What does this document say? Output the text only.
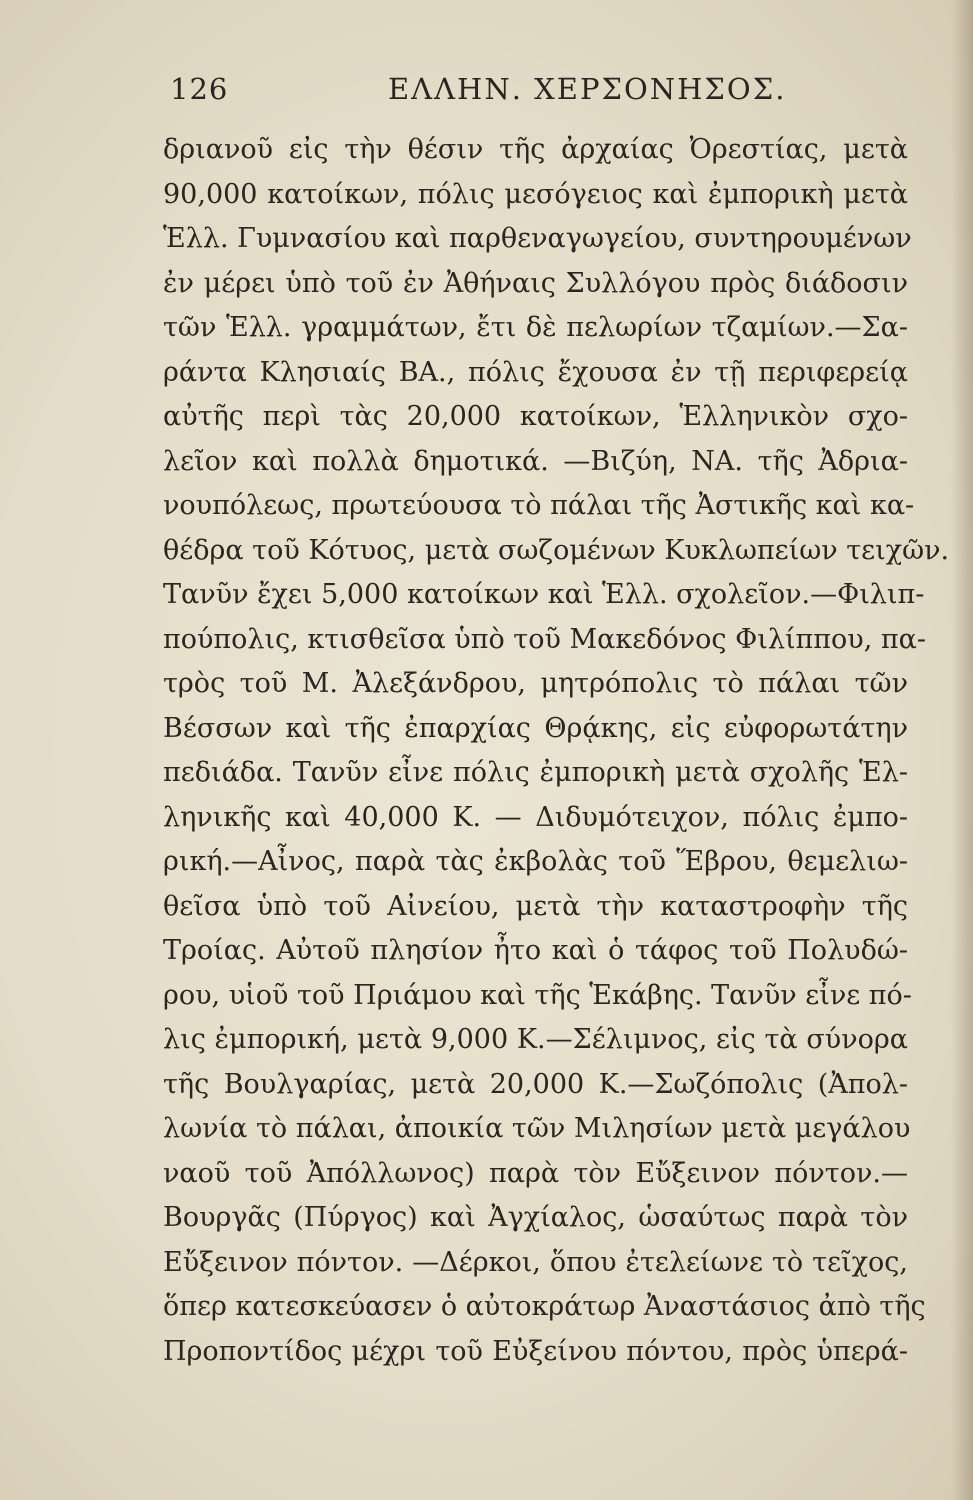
126	ΕΛΛΗΝ. ΧΕΡΣΟΝΗΣΟΣ.
δριανοῦ εἰς τὴν θέσιν τῆς ἀρχαίας Ὀρεστίας, μετὰ
90,000 κατοίκων, πόλις μεσόγειος καὶ ἐμπορικὴ μετὰ
Ἑλλ. Γυμνασίου καὶ παρθεναγωγείου, συντηρουμένων
ἐν μέρει ὑπὸ τοῦ ἐν Ἀθήναις Συλλόγου πρὸς διάδοσιν
τῶν Ἑλλ. γραμμάτων, ἔτι δὲ πελωρίων τζαμίων.—Σα-
ράντα Κλησιαίς ΒΑ., πόλις ἔχουσα ἐν τῇ περιφερείᾳ
αὐτῆς περὶ τὰς 20,000 κατοίκων, Ἑλληνικὸν σχο-
λεῖον καὶ πολλὰ δημοτικά. —Βιζύη, ΝΑ. τῆς Ἀδρια-
νουπόλεως, πρωτεύουσα τὸ πάλαι τῆς Ἀστικῆς καὶ κα-
θέδρα τοῦ Κότυος, μετὰ σωζομένων Κυκλωπείων τειχῶν.
Τανῦν ἔχει 5,000 κατοίκων καὶ Ἑλλ. σχολεῖον.—Φιλιπ-
πούπολις, κτισθεῖσα ὑπὸ τοῦ Μακεδόνος Φιλίππου, πα-
τρὸς τοῦ Μ. Ἀλεξάνδρου, μητρόπολις τὸ πάλαι τῶν
Βέσσων καὶ τῆς ἐπαρχίας Θρᾴκης, εἰς εὐφορωτάτην
πεδιάδα. Τανῦν εἶνε πόλις ἐμπορικὴ μετὰ σχολῆς Ἑλ-
ληνικῆς καὶ 40,000 Κ. — Διδυμότειχον, πόλις ἐμπο-
ρική.—Αἶνος, παρὰ τὰς ἐκβολὰς τοῦ Ἕβρου, θεμελιω-
θεῖσα ὑπὸ τοῦ Αἰνείου, μετὰ τὴν καταστροφὴν τῆς
Τροίας. Αὐτοῦ πλησίον ἦτο καὶ ὁ τάφος τοῦ Πολυδώ-
ρου, υἱοῦ τοῦ Πριάμου καὶ τῆς Ἑκάβης. Τανῦν εἶνε πό-
λις ἐμπορική, μετὰ 9,000 Κ.—Σέλιμνος, εἰς τὰ σύνορα
τῆς Βουλγαρίας, μετὰ 20,000 Κ.—Σωζόπολις (Ἀπολ-
λωνία τὸ πάλαι, ἀποικία τῶν Μιλησίων μετὰ μεγάλου
ναοῦ τοῦ Ἀπόλλωνος) παρὰ τὸν Εὔξεινον πόντον.—
Βουργᾶς (Πύργος) καὶ Ἀγχίαλος, ὡσαύτως παρὰ τὸν
Εὔξεινον πόντον. —Δέρκοι, ὅπου ἐτελείωνε τὸ τεῖχος,
ὅπερ κατεσκεύασεν ὁ αὐτοκράτωρ Ἀναστάσιος ἀπὸ τῆς
Προποντίδος μέχρι τοῦ Εὐξείνου πόντου, πρὸς ὑπερά-
